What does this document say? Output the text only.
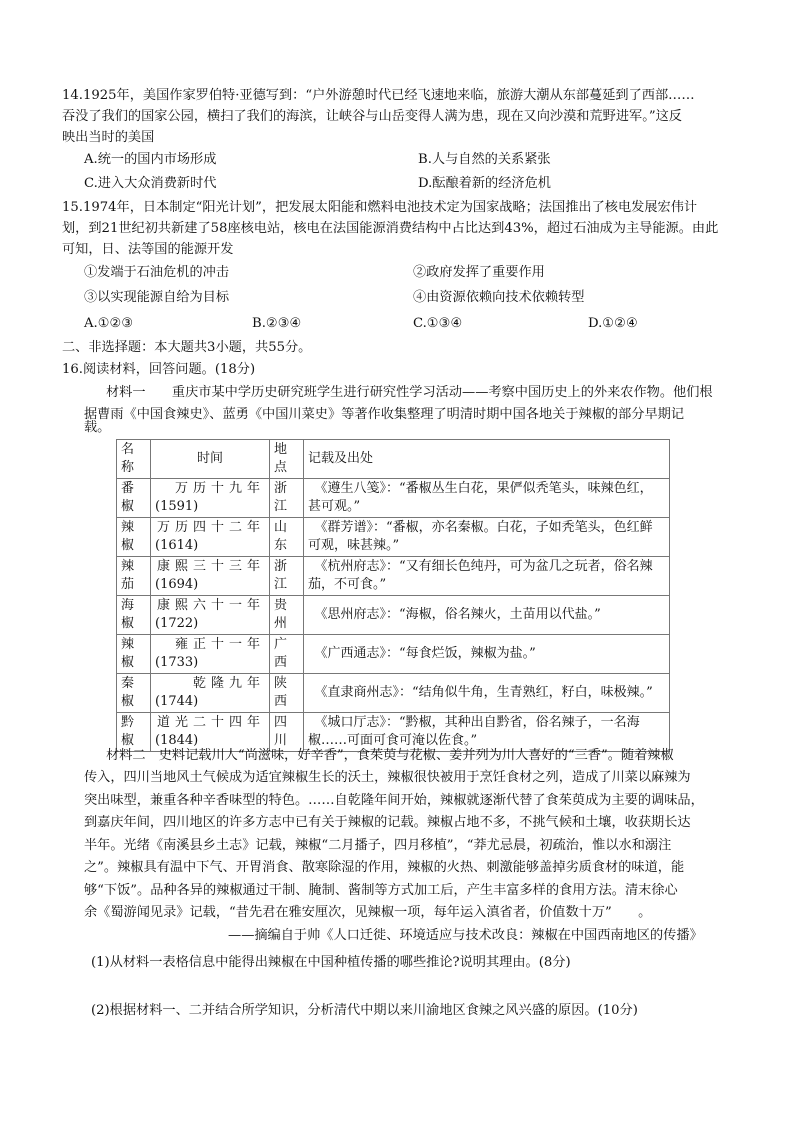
14.1925年，美国作家罗伯特·亚德写到：“户外游憩时代已经飞速地来临，旅游大潮从东部蔓延到了西部……
吞没了我们的国家公园，横扫了我们的海滨，让峡谷与山岳变得人满为患，现在又向沙漠和荒野进军。”这反
映出当时的美国
A.统一的国内市场形成	B.人与自然的关系紧张
C.进入大众消费新时代	D.酝酿着新的经济危机
15.1974年，日本制定“阳光计划”，把发展太阳能和燃料电池技术定为国家战略；法国推出了核电发展宏伟计
划，到21世纪初共新建了58座核电站，核电在法国能源消费结构中占比达到43%，超过石油成为主导能源。由此
可知，日、法等国的能源开发
①发端于石油危机的冲击	②政府发挥了重要作用
③以实现能源自给为目标	④由资源依赖向技术依赖转型
A.①②③	B.②③④	C.①③④	D.①②④
二、非选择题：本大题共3小题，共55分。
16.阅读材料，回答问题。(18分)
材料一　　重庆市某中学历史研究班学生进行研究性学习活动——考察中国历史上的外来农作物。他们根
据曹雨《中国食辣史》、蓝勇《中国川菜史》等著作收集整理了明清时期中国各地关于辣椒的部分早期记
名称	时间	地点	记载及出处
番椒	万历十九年
(1591)	浙江	　《遵生八笺》：“番椒丛生白花，果俨似秃笔头，味辣色红，甚可观。”

辣椒	万历四十二年
(1614)	山东	　《群芳谱》：“番椒，亦名秦椒。白花，子如秃笔头，色红鲜可观，味甚辣。”

辣茄	康熙三十三年
(1694)	浙江	　《杭州府志》：“又有细长色纯丹，可为盆几之玩者，俗名辣茄，不可食。”

海椒	康熙六十一年
(1722)	贵州	　《思州府志》：“海椒，俗名辣火，土苗用以代盐。”

辣椒	雍正十一年
(1733)	广西	　《广西通志》：“每食烂饭，辣椒为盐。”

秦椒	乾隆九年
(1744)	陕西	　《直隶商州志》：“结角似牛角，生青熟红，籽白，味极辣。”

黔椒	道光二十四年
(1844)	四川	　《城口厅志》：“黔椒，其种出自黔省，俗名辣子，一名海椒……可面可食可淹以佐食。”
材料二　史料记载川人“尚滋味，好辛香”，食茱萸与花椒、姜并列为川人喜好的“三香”。随着辣椒
传入，四川当地风土气候成为适宜辣椒生长的沃土，辣椒很快被用于烹饪食材之列，造成了川菜以麻辣为
突出味型，兼重各种辛香味型的特色。……自乾隆年间开始，辣椒就逐渐代替了食茱萸成为主要的调味品，
到嘉庆年间，四川地区的许多方志中已有关于辣椒的记载。辣椒占地不多，不挑气候和土壤，收获期长达
半年。光绪《南溪县乡土志》记载，辣椒“二月播子，四月移植”，“莽尤忌晨，初疏治，惟以水和溺注
之”。辣椒具有温中下气、开胃消食、散寒除湿的作用，辣椒的火热、刺激能够盖掉劣质食材的味道，能
够“下饭”。品种各异的辣椒通过干制、腌制、酱制等方式加工后，产生丰富多样的食用方法。清末徐心
余《蜀游闻见录》记载，“昔先君在雅安厘次，见辣椒一项，每年运入滇省者，价值数十万”　　。
——摘编自于帅《人口迁徙、环境适应与技术改良：辣椒在中国西南地区的传播》
(1)从材料一表格信息中能得出辣椒在中国种植传播的哪些推论?说明其理由。(8分)
(2)根据材料一、二并结合所学知识，分析清代中期以来川渝地区食辣之风兴盛的原因。(10分)
载。
